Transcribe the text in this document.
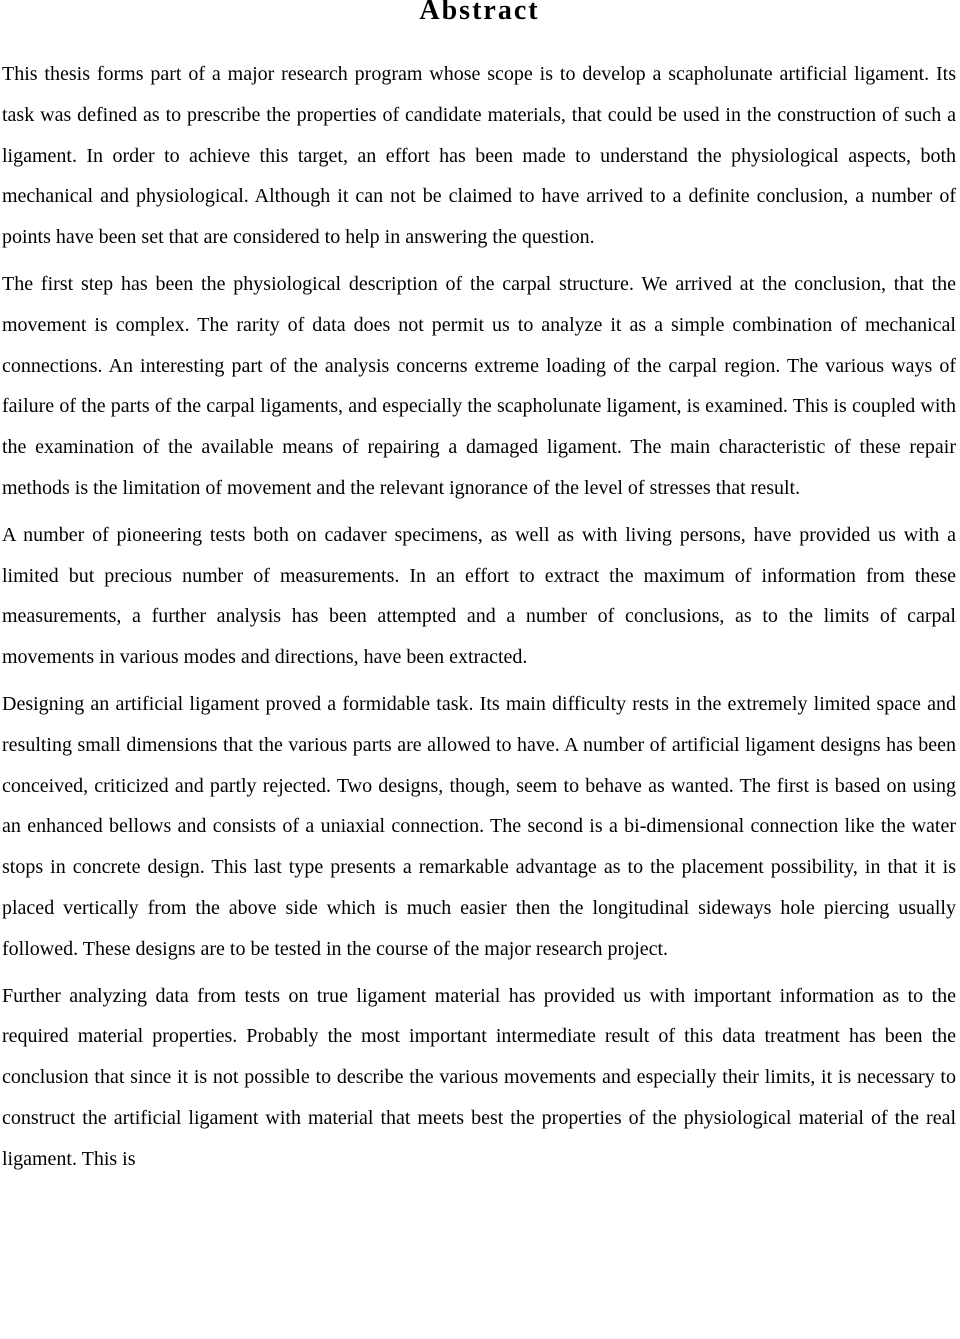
Abstract

This thesis forms part of a major research program whose scope is to develop a scapholunate artificial ligament. Its task was defined as to prescribe the properties of candidate materials, that could be used in the construction of such a ligament. In order to achieve this target, an effort has been made to understand the physiological aspects, both mechanical and physiological. Although it can not be claimed to have arrived to a definite conclusion, a number of points have been set that are considered to help in answering the question.

The first step has been the physiological description of the carpal structure. We arrived at the conclusion, that the movement is complex. The rarity of data does not permit us to analyze it as a simple combination of mechanical connections. An interesting part of the analysis concerns extreme loading of the carpal region. The various ways of failure of the parts of the carpal ligaments, and especially the scapholunate ligament, is examined. This is coupled with the examination of the available means of repairing a damaged ligament. The main characteristic of these repair methods is the limitation of movement and the relevant ignorance of the level of stresses that result.

A number of pioneering tests both on cadaver specimens, as well as with living persons, have provided us with a limited but precious number of measurements. In an effort to extract the maximum of information from these measurements, a further analysis has been attempted and a number of conclusions, as to the limits of carpal movements in various modes and directions, have been extracted.

Designing an artificial ligament proved a formidable task. Its main difficulty rests in the extremely limited space and resulting small dimensions that the various parts are allowed to have. A number of artificial ligament designs has been conceived, criticized and partly rejected. Two designs, though, seem to behave as wanted. The first is based on using an enhanced bellows and consists of a uniaxial connection. The second is a bi-dimensional connection like the water stops in concrete design. This last type presents a remarkable advantage as to the placement possibility, in that it is placed vertically from the above side which is much easier then the longitudinal sideways hole piercing usually followed. These designs are to be tested in the course of the major research project.

Further analyzing data from tests on true ligament material has provided us with important information as to the required material properties. Probably the most important intermediate result of this data treatment has been the conclusion that since it is not possible to describe the various movements and especially their limits, it is necessary to construct the artificial ligament with material that meets best the properties of the physiological material of the real ligament. This is
